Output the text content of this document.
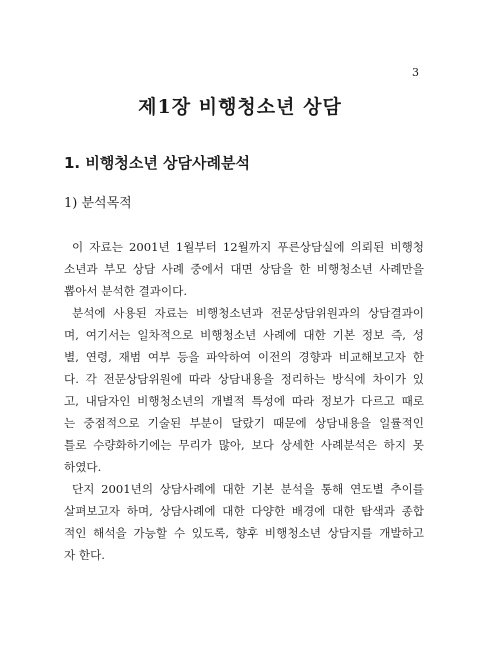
3
제1장 비행청소년 상담
1. 비행청소년 상담사례분석
1) 분석목적
이 자료는 2001년 1월부터 12월까지 푸른상담실에 의뢰된 비행청
소년과 부모 상담 사례 중에서 대면 상담을 한 비행청소년 사례만을
뽑아서 분석한 결과이다.
분석에 사용된 자료는 비행청소년과 전문상담위원과의 상담결과이
며, 여기서는 일차적으로 비행청소년 사례에 대한 기본 정보 즉, 성
별, 연령, 재범 여부 등을 파악하여 이전의 경향과 비교해보고자 한
다. 각 전문상담위원에 따라 상담내용을 정리하는 방식에 차이가 있
고, 내담자인 비행청소년의 개별적 특성에 따라 정보가 다르고 때로
는 중점적으로 기술된 부분이 달랐기 때문에 상담내용을 일률적인
틀로 수량화하기에는 무리가 많아, 보다 상세한 사례분석은 하지 못
하였다.
단지 2001년의 상담사례에 대한 기본 분석을 통해 연도별 추이를
살펴보고자 하며, 상담사례에 대한 다양한 배경에 대한 탐색과 종합
적인 해석을 가능할 수 있도록, 향후 비행청소년 상담지를 개발하고
자 한다.
